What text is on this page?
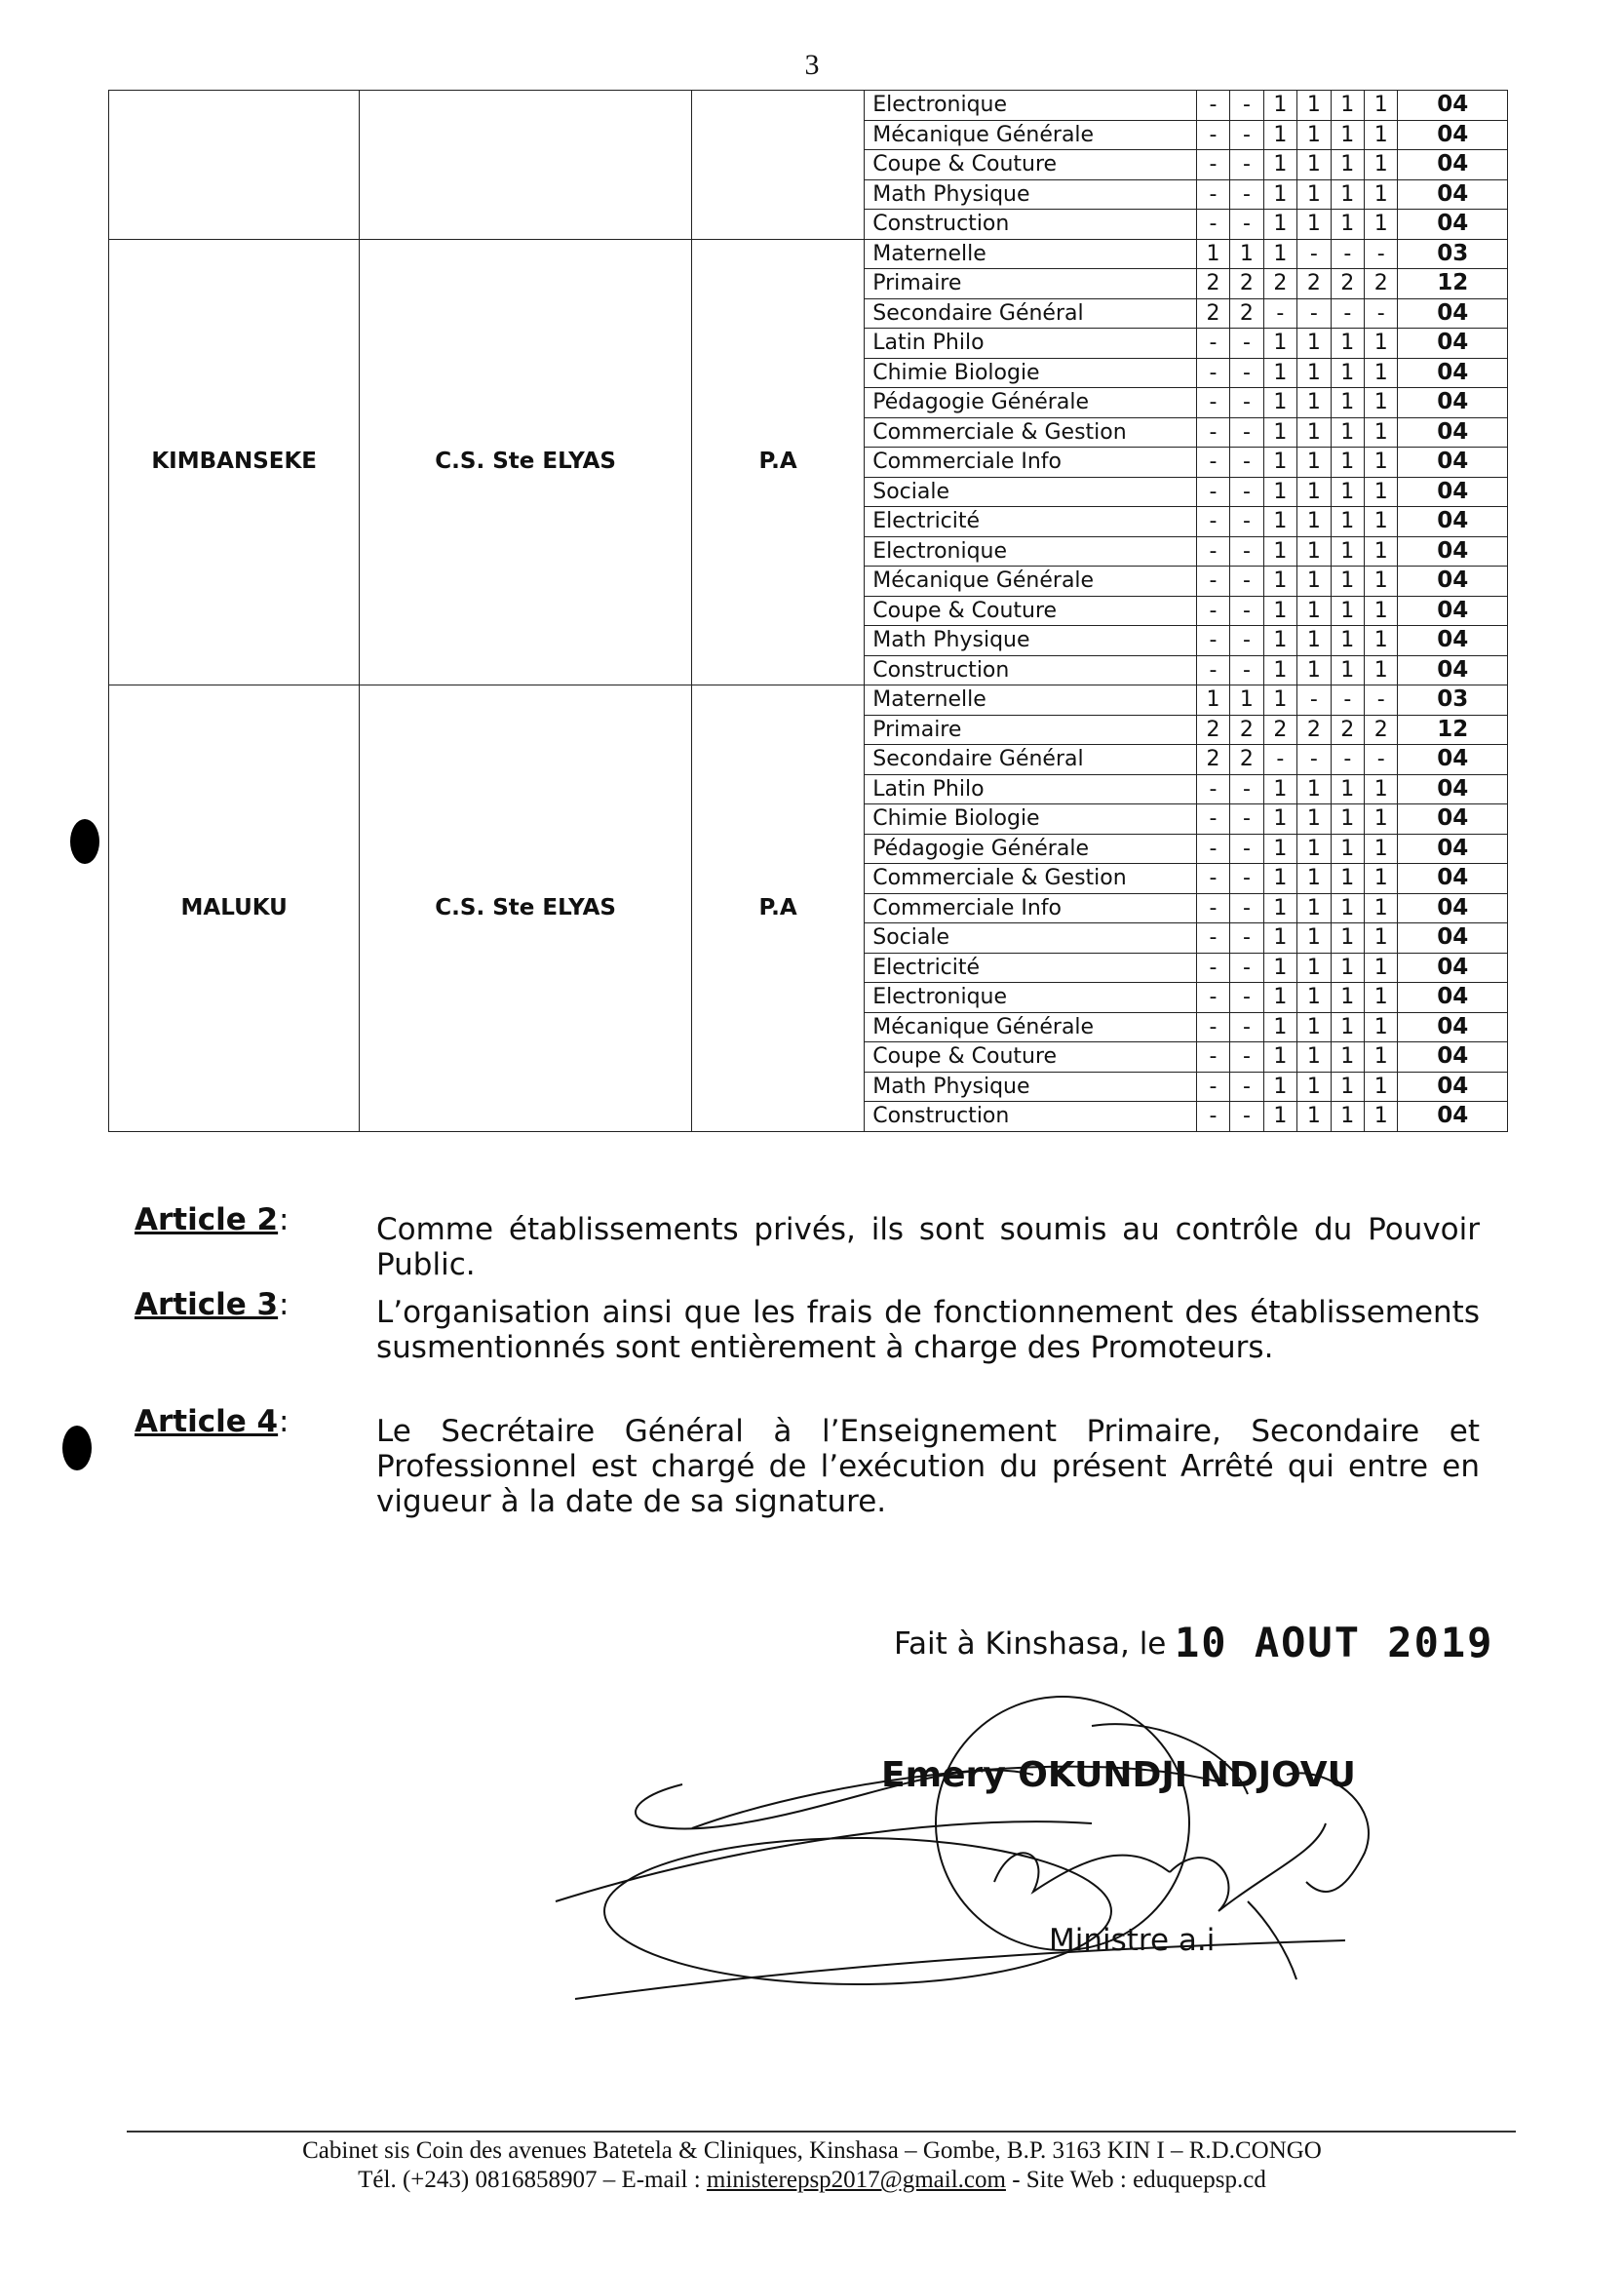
3
			Electronique	-	-	1	1	1	1	04
			Mécanique Générale	-	-	1	1	1	1	04
			Coupe & Couture	-	-	1	1	1	1	04
			Math Physique	-	-	1	1	1	1	04
			Construction	-	-	1	1	1	1	04
KIMBANSEKE	C.S. Ste ELYAS	P.A	Maternelle	1	1	1	-	-	-	03
			Primaire	2	2	2	2	2	2	12
			Secondaire Général	2	2	-	-	-	-	04
			Latin Philo	-	-	1	1	1	1	04
			Chimie Biologie	-	-	1	1	1	1	04
			Pédagogie Générale	-	-	1	1	1	1	04
			Commerciale & Gestion	-	-	1	1	1	1	04
			Commerciale Info	-	-	1	1	1	1	04
			Sociale	-	-	1	1	1	1	04
			Electricité	-	-	1	1	1	1	04
			Electronique	-	-	1	1	1	1	04
			Mécanique Générale	-	-	1	1	1	1	04
			Coupe & Couture	-	-	1	1	1	1	04
			Math Physique	-	-	1	1	1	1	04
			Construction	-	-	1	1	1	1	04
MALUKU	C.S. Ste ELYAS	P.A	Maternelle	1	1	1	-	-	-	03
			Primaire	2	2	2	2	2	2	12
			Secondaire Général	2	2	-	-	-	-	04
			Latin Philo	-	-	1	1	1	1	04
			Chimie Biologie	-	-	1	1	1	1	04
			Pédagogie Générale	-	-	1	1	1	1	04
			Commerciale & Gestion	-	-	1	1	1	1	04
			Commerciale Info	-	-	1	1	1	1	04
			Sociale	-	-	1	1	1	1	04
			Electricité	-	-	1	1	1	1	04
			Electronique	-	-	1	1	1	1	04
			Mécanique Générale	-	-	1	1	1	1	04
			Coupe & Couture	-	-	1	1	1	1	04
			Math Physique	-	-	1	1	1	1	04
			Construction	-	-	1	1	1	1	04
Article 2 :	Comme établissements privés, ils sont soumis au contrôle du Pouvoir Public.
Article 3 :	L’organisation ainsi que les frais de fonctionnement des établissements susmentionnés sont entièrement à charge des Promoteurs.
Article 4 :	Le Secrétaire Général à l’Enseignement Primaire, Secondaire et Professionnel est chargé de l’exécution du présent Arrêté qui entre en vigueur à la date de sa signature.
Fait à Kinshasa, le 10 AOUT 2019
Emery OKUNDJI NDJOVU
Ministre a.i
Cabinet sis Coin des avenues Batetela & Cliniques, Kinshasa – Gombe, B.P. 3163 KIN I – R.D.CONGO
Tél. (+243) 0816858907 – E-mail : ministerepsp2017@gmail.com - Site Web : eduquepsp.cd
